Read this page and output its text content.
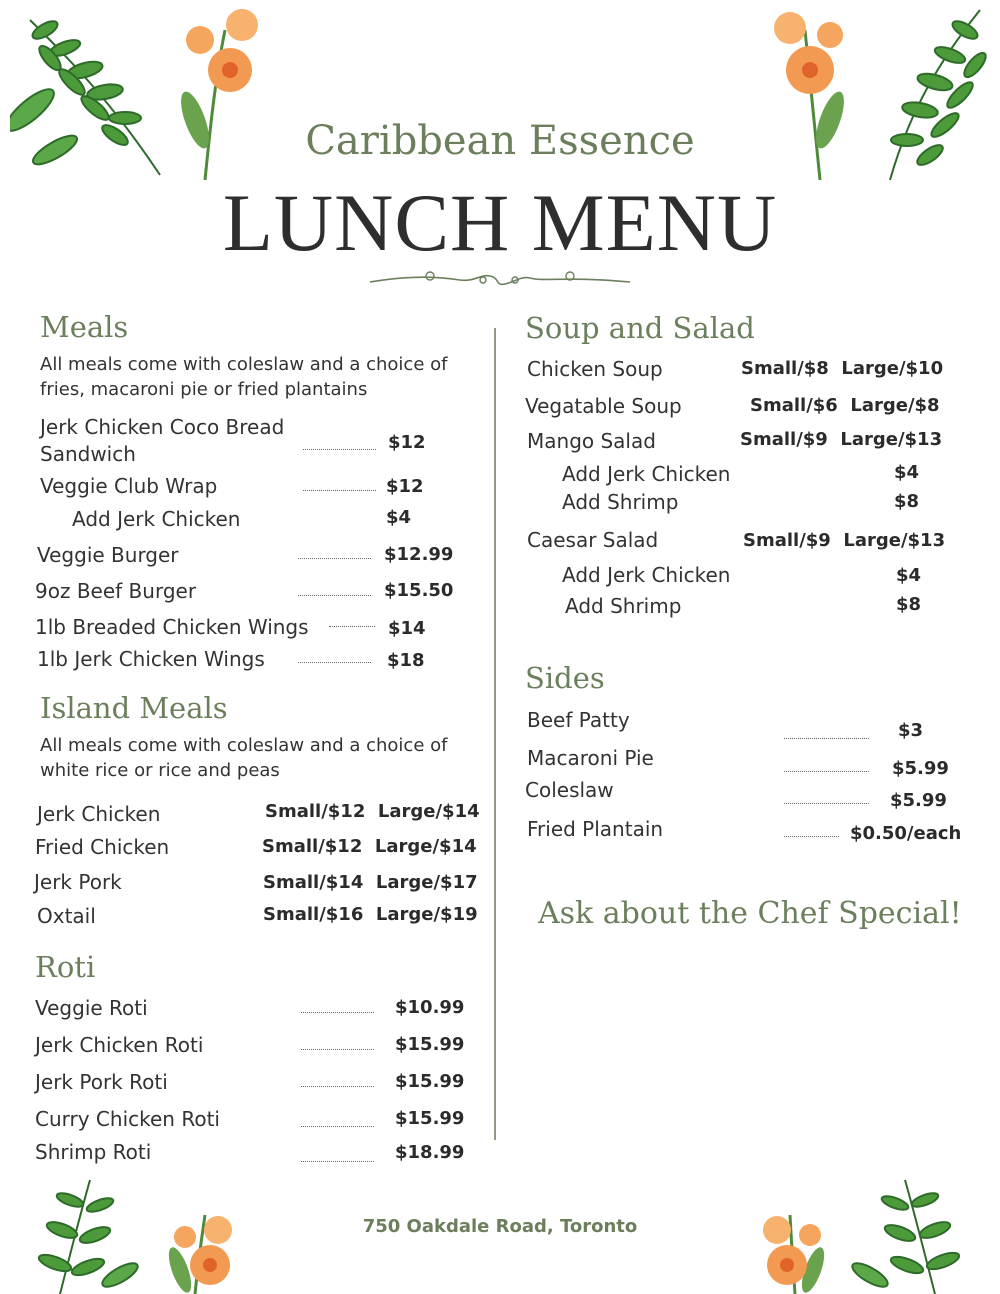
Caribbean Essence
LUNCH MENU
Meals
All meals come with coleslaw and a choice of
fries, macaroni pie or fried plantains
Jerk Chicken Coco Bread
Sandwich	$12
Veggie Club Wrap	$12
Add Jerk Chicken	$4
Veggie Burger	$12.99
9oz Beef Burger	$15.50
1lb Breaded Chicken Wings	$14
1lb Jerk Chicken Wings	$18
Island Meals
All meals come with coleslaw and a choice of
white rice or rice and peas
Jerk Chicken	Small/$12  Large/$14
Fried Chicken	Small/$12  Large/$14
Jerk Pork	Small/$14  Large/$17
Oxtail	Small/$16  Large/$19
Roti
Veggie Roti	$10.99
Jerk Chicken Roti	$15.99
Jerk Pork Roti	$15.99
Curry Chicken Roti	$15.99
Shrimp Roti	$18.99
Soup and Salad
Chicken Soup	Small/$8  Large/$10
Vegatable Soup	Small/$6  Large/$8
Mango Salad	Small/$9  Large/$13
Add Jerk Chicken	$4
Add Shrimp	$8
Caesar Salad	Small/$9  Large/$13
Add Jerk Chicken	$4
Add Shrimp	$8
Sides
Beef Patty	$3
Macaroni Pie	$5.99
Coleslaw	$5.99
Fried Plantain	$0.50/each
Ask about the Chef Special!
750 Oakdale Road, Toronto
